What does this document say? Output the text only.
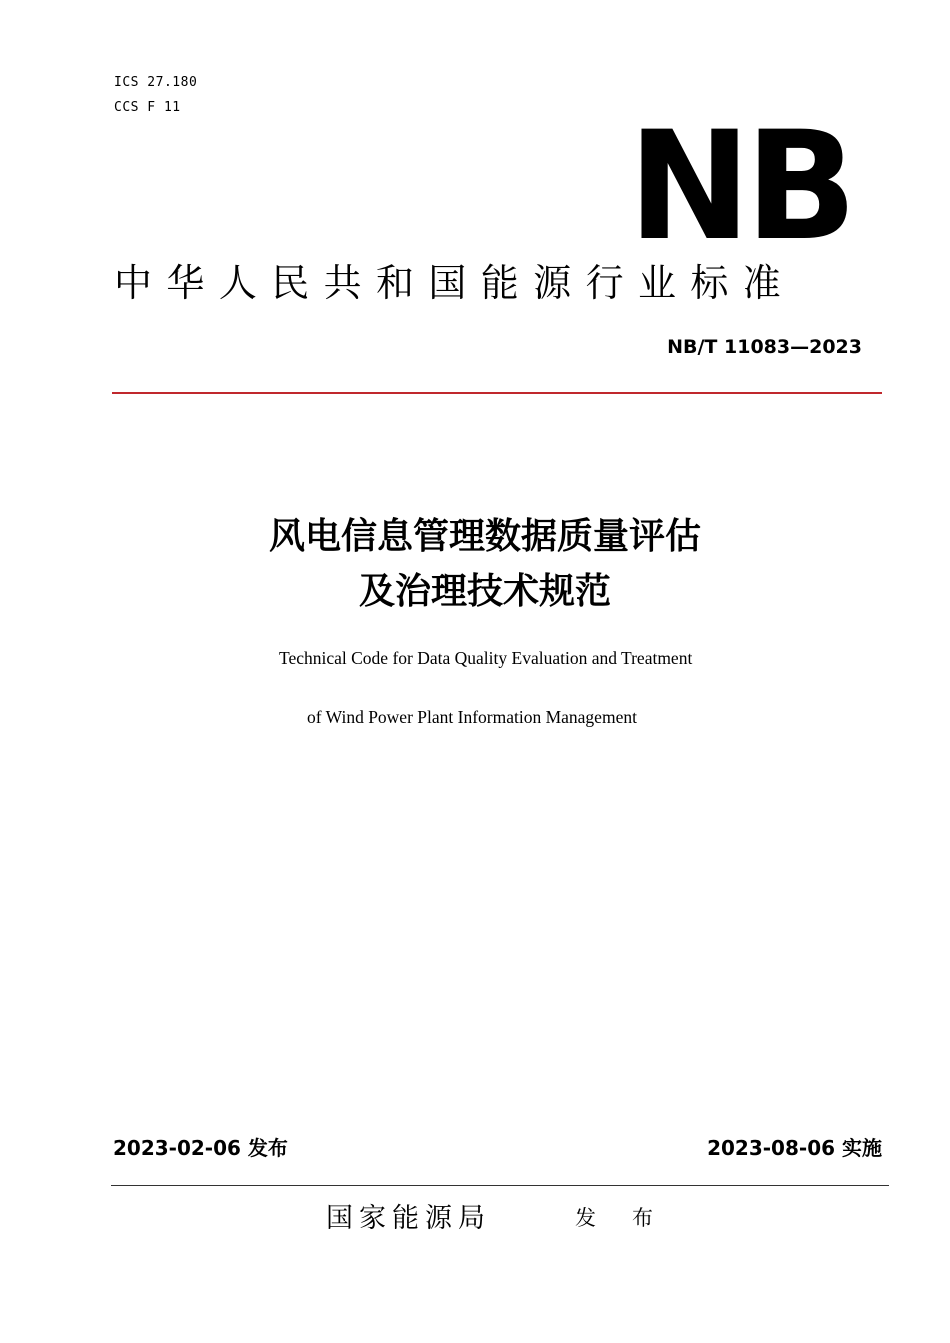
ICS 27.180
CCS F 11	NB
中华人民共和国能源行业标准
NB/T 11083—2023
风电信息管理数据质量评估
及治理技术规范
Technical Code for Data Quality Evaluation and Treatment
of Wind Power Plant Information Management
2023-02-06 发布	2023-08-06 实施
国家能源局	发布
